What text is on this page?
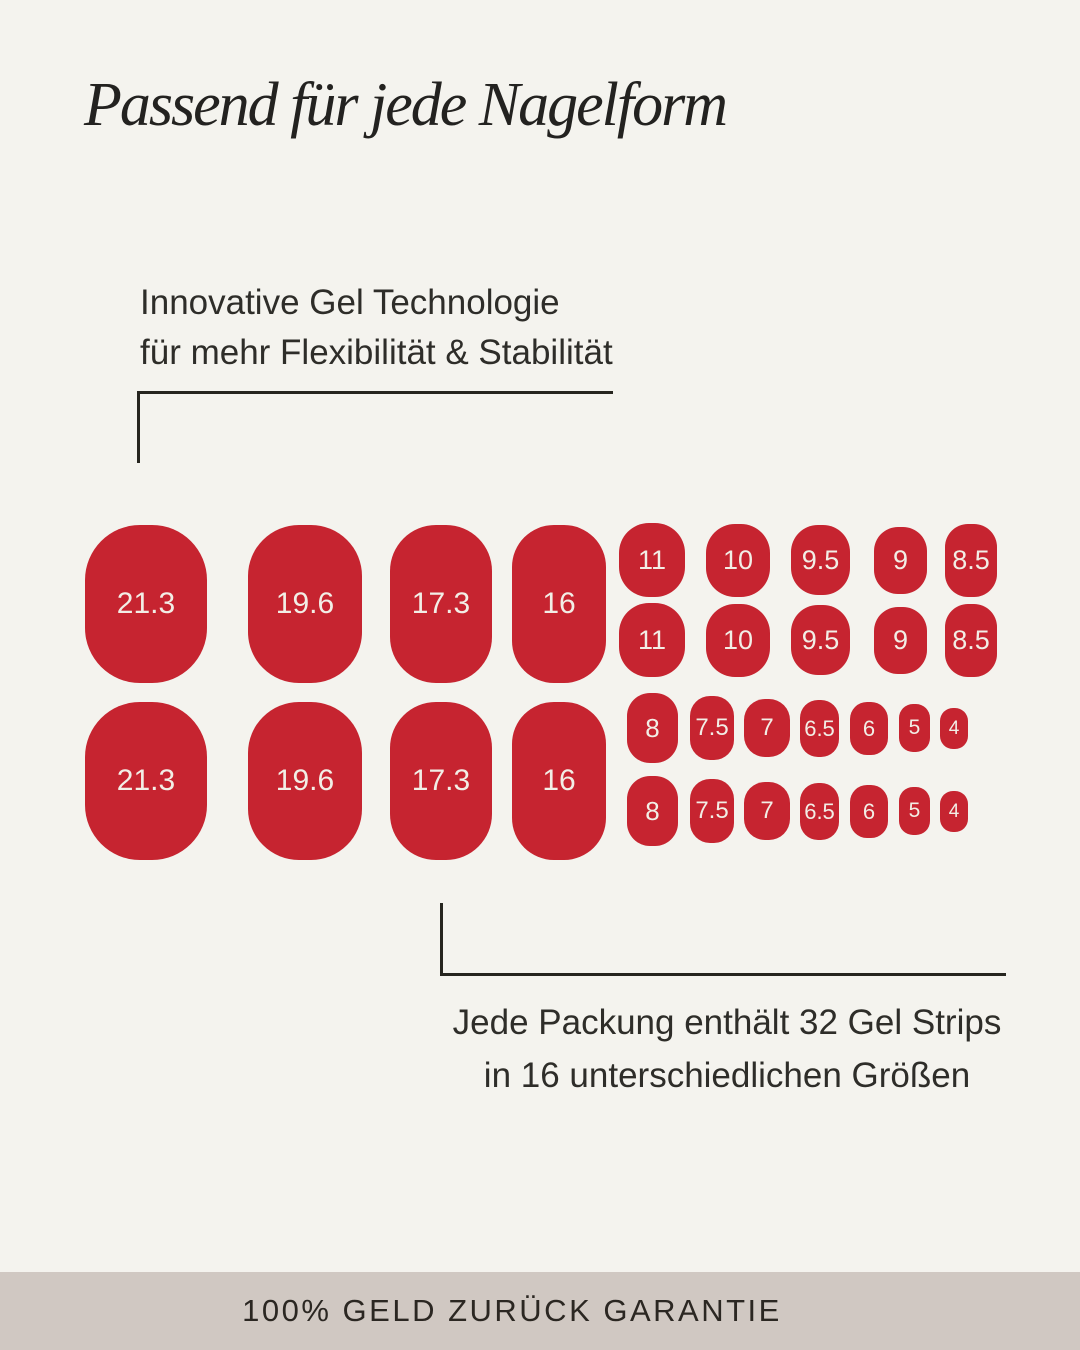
Passend für jede Nagelform
Innovative Gel Technologie
für mehr Flexibilität & Stabilität
21.3	19.6	17.3 16
21.3	19.6	17.3 16
11 10 9.5 9 8.5
11 10 9.5 9 8.5
8 7.5 7 6.5 6 5 4
8 7.5 7 6.5 6 5 4
Jede Packung enthält 32 Gel Strips
in 16 unterschiedlichen Größen
100% GELD ZURÜCK GARANTIE
